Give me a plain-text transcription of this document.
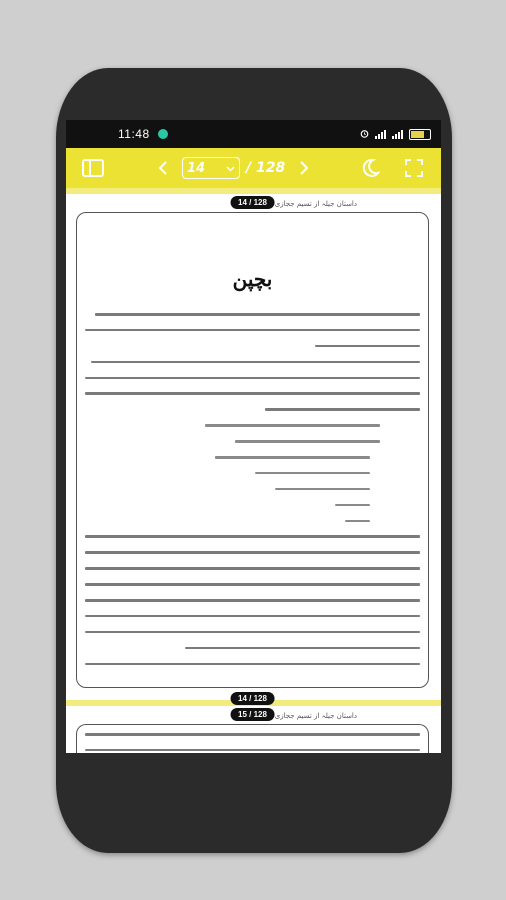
11:48
14	/ 128
14 / 128	داستان جیلہ از تسیم ججازی
بچپن
14 / 128
15 / 128	داستان جیلہ از تسیم ججازی
